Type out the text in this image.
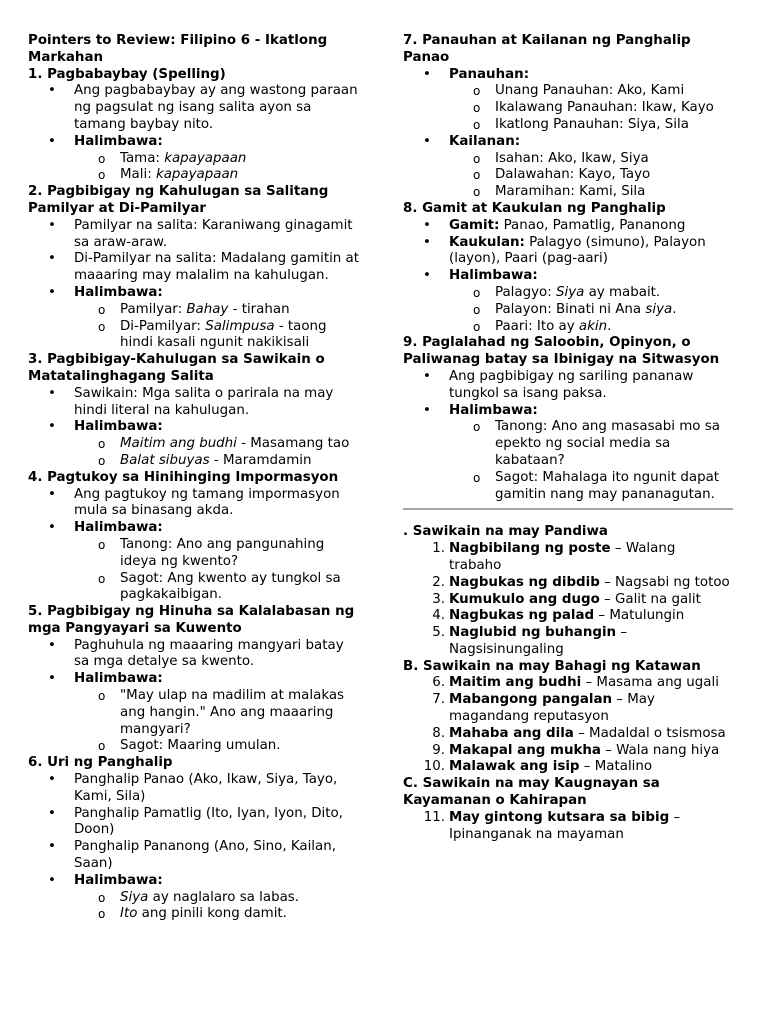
Pointers to Review: Filipino 6 - Ikatlong Markahan

1. Pagbabaybay (Spelling)

• Ang pagbabaybay ay ang wastong paraan ng pagsulat ng isang salita ayon sa tamang baybay nito.
• Halimbawa:
o Tama: kapayapaan
o Mali: kapayapaan

2. Pagbibigay ng Kahulugan sa Salitang Pamilyar at Di-Pamilyar

• Pamilyar na salita: Karaniwang ginagamit sa araw-araw.
• Di-Pamilyar na salita: Madalang gamitin at maaaring may malalim na kahulugan.
• Halimbawa:
o Pamilyar: Bahay - tirahan
o Di-Pamilyar: Salimpusa - taong hindi kasali ngunit nakikisali

3. Pagbibigay-Kahulugan sa Sawikain o Matatalinghagang Salita

• Sawikain: Mga salita o parirala na may hindi literal na kahulugan.
• Halimbawa:
o Maitim ang budhi - Masamang tao
o Balat sibuyas - Maramdamin

4. Pagtukoy sa Hinihinging Impormasyon

• Ang pagtukoy ng tamang impormasyon mula sa binasang akda.
• Halimbawa:
o Tanong: Ano ang pangunahing ideya ng kwento?
o Sagot: Ang kwento ay tungkol sa pagkakaibigan.

5. Pagbibigay ng Hinuha sa Kalalabasan ng mga Pangyayari sa Kuwento

• Paghuhula ng maaaring mangyari batay sa mga detalye sa kwento.
• Halimbawa:
o "May ulap na madilim at malakas ang hangin." Ano ang maaaring mangyari?
o Sagot: Maaring umulan.

6. Uri ng Panghalip

• Panghalip Panao (Ako, Ikaw, Siya, Tayo, Kami, Sila)
• Panghalip Pamatlig (Ito, Iyan, Iyon, Dito, Doon)
• Panghalip Pananong (Ano, Sino, Kailan, Saan)
• Halimbawa:
o Siya ay naglalaro sa labas.
o Ito ang pinili kong damit.

7. Panauhan at Kailanan ng Panghalip Panao

• Panauhan:
o Unang Panauhan: Ako, Kami
o Ikalawang Panauhan: Ikaw, Kayo
o Ikatlong Panauhan: Siya, Sila
• Kailanan:
o Isahan: Ako, Ikaw, Siya
o Dalawahan: Kayo, Tayo
o Maramihan: Kami, Sila

8. Gamit at Kaukulan ng Panghalip

• Gamit: Panao, Pamatlig, Pananong
• Kaukulan: Palagyo (simuno), Palayon (layon), Paari (pag-aari)
• Halimbawa:
o Palagyo: Siya ay mabait.
o Palayon: Binati ni Ana siya.
o Paari: Ito ay akin.

9. Paglalahad ng Saloobin, Opinyon, o Paliwanag batay sa Ibinigay na Sitwasyon

• Ang pagbibigay ng sariling pananaw tungkol sa isang paksa.
• Halimbawa:
o Tanong: Ano ang masasabi mo sa epekto ng social media sa kabataan?
o Sagot: Mahalaga ito ngunit dapat gamitin nang may pananagutan.

. Sawikain na may Pandiwa

1. Nagbibilang ng poste – Walang trabaho
2. Nagbukas ng dibdib – Nagsabi ng totoo
3. Kumukulo ang dugo – Galit na galit
4. Nagbukas ng palad – Matulungin
5. Naglubid ng buhangin – Nagsisinungaling

B. Sawikain na may Bahagi ng Katawan

6. Maitim ang budhi – Masama ang ugali
7. Mabangong pangalan – May magandang reputasyon
8. Mahaba ang dila – Madaldal o tsismosa
9. Makapal ang mukha – Wala nang hiya
10. Malawak ang isip – Matalino

C. Sawikain na may Kaugnayan sa Kayamanan o Kahirapan

11. May gintong kutsara sa bibig – Ipinanganak na mayaman
